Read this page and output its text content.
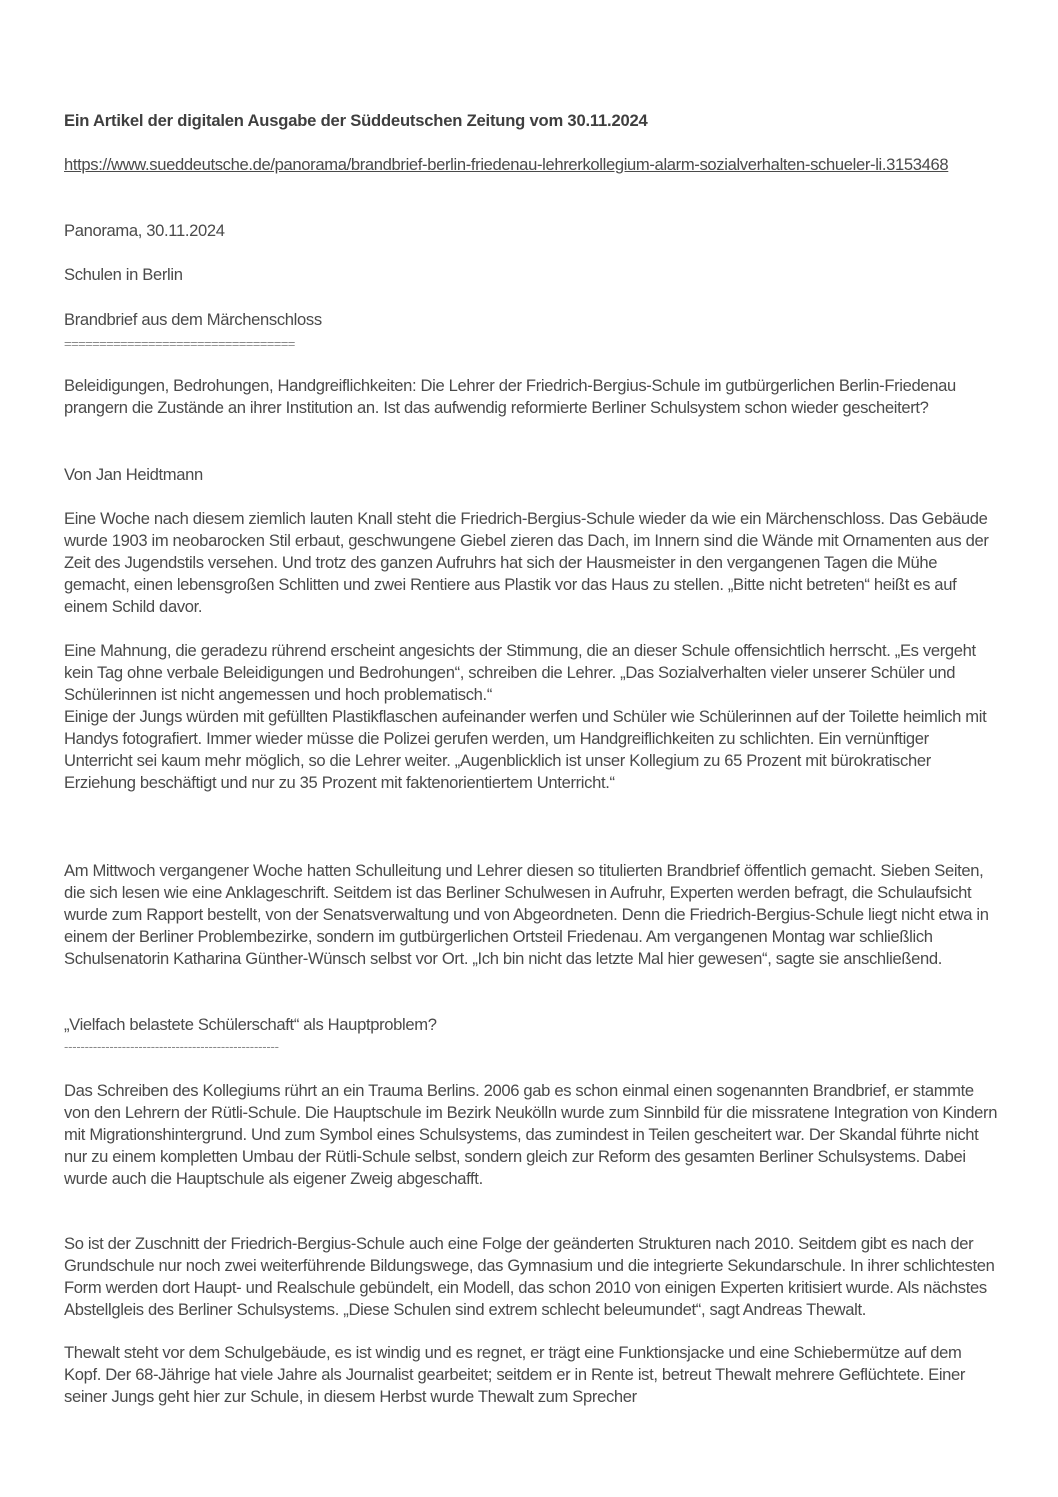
Ein Artikel der digitalen Ausgabe der Süddeutschen Zeitung vom 30.11.2024
https://www.sueddeutsche.de/panorama/brandbrief-berlin-friedenau-lehrerkollegium-alarm-sozialverhalten-schueler-li.3153468

Panorama, 30.11.2024

Schulen in Berlin

Brandbrief aus dem Märchenschloss
=================================

Beleidigungen, Bedrohungen, Handgreiflichkeiten: Die Lehrer der Friedrich-Bergius-Schule im gutbürgerlichen Berlin-Friedenau prangern die Zustände an ihrer Institution an. Ist das aufwendig reformierte Berliner Schulsystem schon wieder gescheitert?

Von Jan Heidtmann

Eine Woche nach diesem ziemlich lauten Knall steht die Friedrich-Bergius-Schule wieder da wie ein Märchenschloss. Das Gebäude wurde 1903 im neobarocken Stil erbaut, geschwungene Giebel zieren das Dach, im Innern sind die Wände mit Ornamenten aus der Zeit des Jugendstils versehen. Und trotz des ganzen Aufruhrs hat sich der Hausmeister in den vergangenen Tagen die Mühe gemacht, einen lebensgroßen Schlitten und zwei Rentiere aus Plastik vor das Haus zu stellen. „Bitte nicht betreten“ heißt es auf einem Schild davor.

Eine Mahnung, die geradezu rührend erscheint angesichts der Stimmung, die an dieser Schule offensichtlich herrscht. „Es vergeht kein Tag ohne verbale Beleidigungen und Bedrohungen“, schreiben die Lehrer. „Das Sozialverhalten vieler unserer Schüler und Schülerinnen ist nicht angemessen und hoch problematisch.“

Einige der Jungs würden mit gefüllten Plastikflaschen aufeinander werfen und Schüler wie Schülerinnen auf der Toilette heimlich mit Handys fotografiert. Immer wieder müsse die Polizei gerufen werden, um Handgreiflichkeiten zu schlichten. Ein vernünftiger Unterricht sei kaum mehr möglich, so die Lehrer weiter. „Augenblicklich ist unser Kollegium zu 65 Prozent mit bürokratischer Erziehung beschäftigt und nur zu 35 Prozent mit faktenorientiertem Unterricht.“

Am Mittwoch vergangener Woche hatten Schulleitung und Lehrer diesen so titulierten Brandbrief öffentlich gemacht. Sieben Seiten, die sich lesen wie eine Anklageschrift. Seitdem ist das Berliner Schulwesen in Aufruhr, Experten werden befragt, die Schulaufsicht wurde zum Rapport bestellt, von der Senatsverwaltung und von Abgeordneten. Denn die Friedrich-Bergius-Schule liegt nicht etwa in einem der Berliner Problembezirke, sondern im gutbürgerlichen Ortsteil Friedenau. Am vergangenen Montag war schließlich Schulsenatorin Katharina Günther-Wünsch selbst vor Ort. „Ich bin nicht das letzte Mal hier gewesen“, sagte sie anschließend.

„Vielfach belastete Schülerschaft“ als Hauptproblem?
----------------------------------------------------

Das Schreiben des Kollegiums rührt an ein Trauma Berlins. 2006 gab es schon einmal einen sogenannten Brandbrief, er stammte von den Lehrern der Rütli-Schule. Die Hauptschule im Bezirk Neukölln wurde zum Sinnbild für die missratene Integration von Kindern mit Migrationshintergrund. Und zum Symbol eines Schulsystems, das zumindest in Teilen gescheitert war. Der Skandal führte nicht nur zu einem kompletten Umbau der Rütli-Schule selbst, sondern gleich zur Reform des gesamten Berliner Schulsystems. Dabei wurde auch die Hauptschule als eigener Zweig abgeschafft.

So ist der Zuschnitt der Friedrich-Bergius-Schule auch eine Folge der geänderten Strukturen nach 2010. Seitdem gibt es nach der Grundschule nur noch zwei weiterführende Bildungswege, das Gymnasium und die integrierte Sekundarschule. In ihrer schlichtesten Form werden dort Haupt- und Realschule gebündelt, ein Modell, das schon 2010 von einigen Experten kritisiert wurde. Als nächstes Abstellgleis des Berliner Schulsystems. „Diese Schulen sind extrem schlecht beleumundet“, sagt Andreas Thewalt.

Thewalt steht vor dem Schulgebäude, es ist windig und es regnet, er trägt eine Funktionsjacke und eine Schiebermütze auf dem Kopf. Der 68-Jährige hat viele Jahre als Journalist gearbeitet; seitdem er in Rente ist, betreut Thewalt mehrere Geflüchtete. Einer seiner Jungs geht hier zur Schule, in diesem Herbst wurde Thewalt zum Sprecher
